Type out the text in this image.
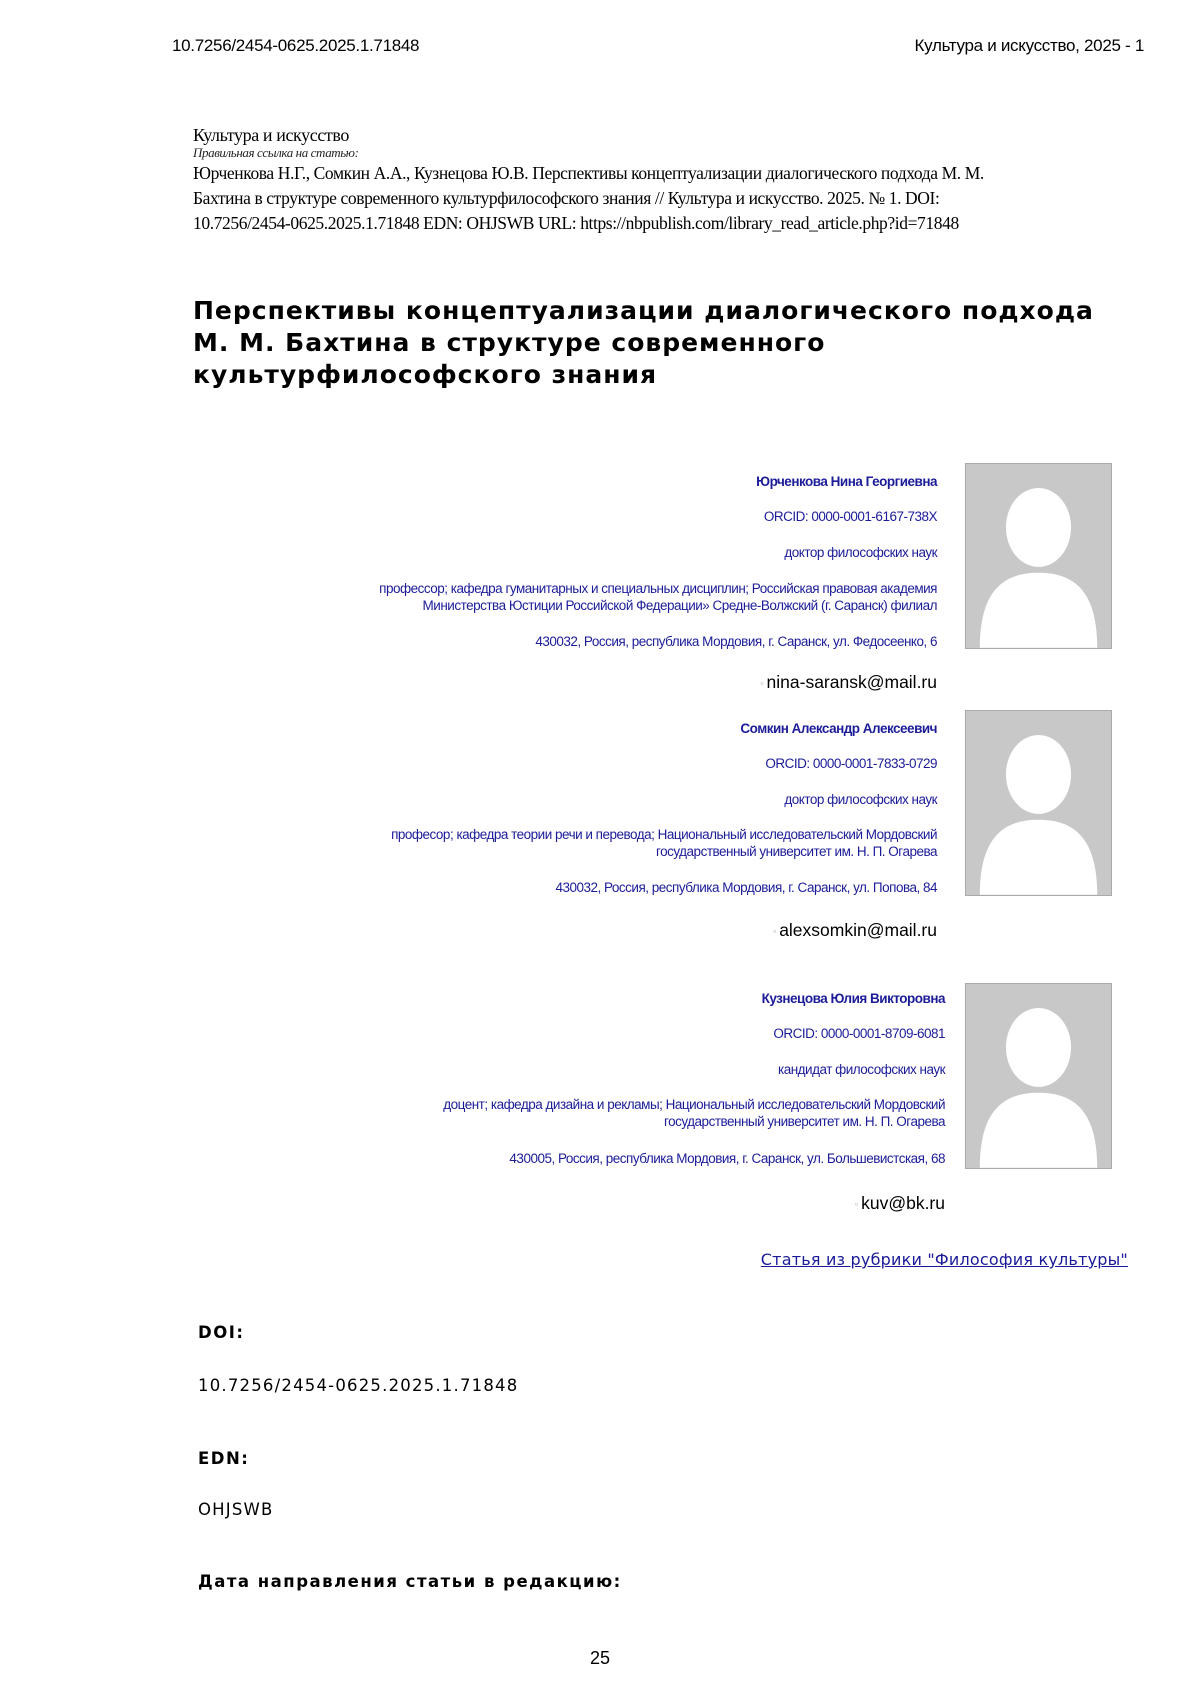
10.7256/2454-0625.2025.1.71848	Культура и искусство, 2025 - 1
Культура и искусство
Правильная ссылка на статью:
Юрченкова Н.Г., Сомкин А.А., Кузнецова Ю.В. Перспективы концептуализации диалогического подхода М. М.
Бахтина в структуре современного культурфилософского знания // Культура и искусство. 2025. № 1. DOI:
10.7256/2454-0625.2025.1.71848 EDN: OHJSWB URL: https://nbpublish.com/library_read_article.php?id=71848
Перспективы концептуализации диалогического подхода
М. М. Бахтина в структуре современного
культурфилософского знания
Юрченкова Нина Георгиевна
ORCID: 0000-0001-6167-738X
доктор философских наук
профессор; кафедра гуманитарных и специальных дисциплин; Российская правовая академия
Министерства Юстиции Российской Федерации» Средне-Волжский (г. Саранск) филиал
430032, Россия, республика Мордовия, г. Саранск, ул. Федосеенко, 6
▫ nina-saransk@mail.ru
Сомкин Александр Алексеевич
ORCID: 0000-0001-7833-0729
доктор философских наук
професор; кафедра теории речи и перевода; Национальный исследовательский Мордовский
государственный университет им. Н. П. Огарева
430032, Россия, республика Мордовия, г. Саранск, ул. Попова, 84
▫ alexsomkin@mail.ru
Кузнецова Юлия Викторовна
ORCID: 0000-0001-8709-6081
кандидат философских наук
доцент; кафедра дизайна и рекламы; Национальный исследовательский Мордовский
государственный университет им. Н. П. Огарева
430005, Россия, республика Мордовия, г. Саранск, ул. Большевистская, 68
▫ kuv@bk.ru
Статья из рубрики "Философия культуры"
DOI:
10.7256/2454-0625.2025.1.71848
EDN:
OHJSWB
Дата направления статьи в редакцию:
25
